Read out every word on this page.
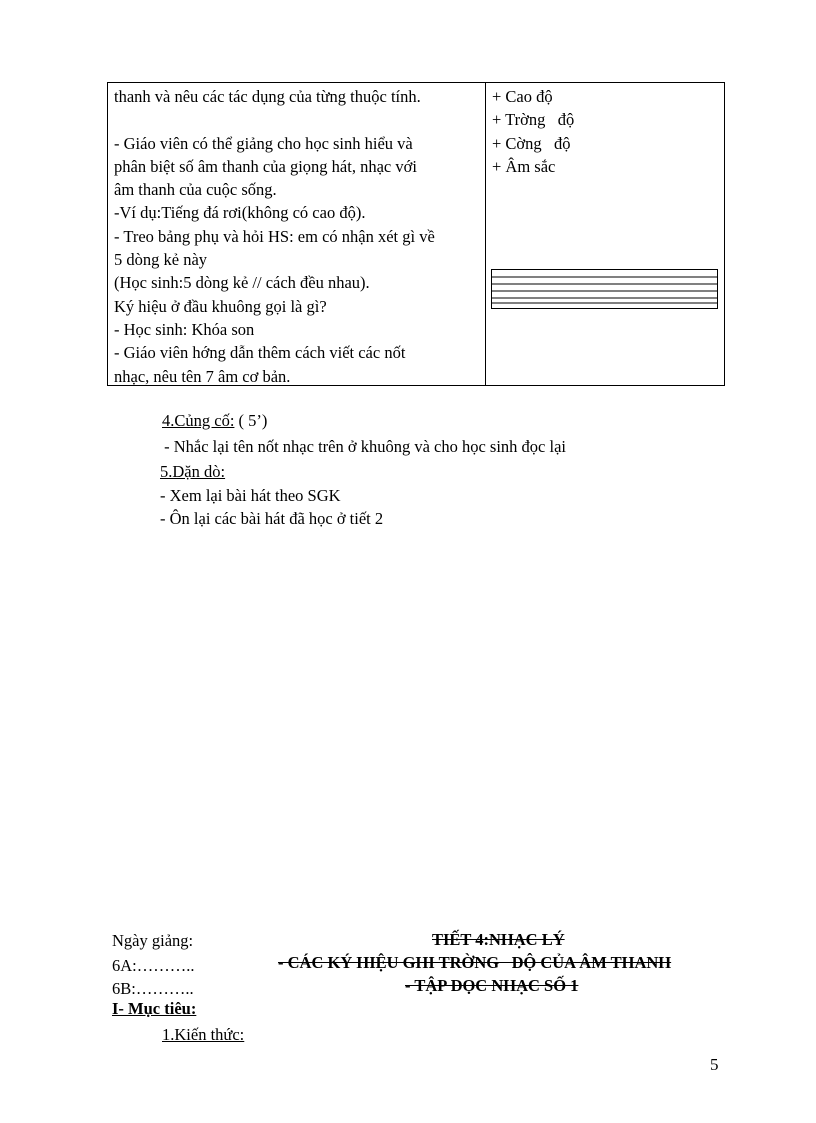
thanh và nêu các tác dụng của từng thuộc tính.

- Giáo viên có thể giảng cho học sinh hiểu và
phân biệt số âm thanh của giọng hát, nhạc với
âm thanh của cuộc sống.
-Ví dụ:Tiếng đá rơi(không có cao độ).
- Treo bảng phụ và hỏi HS: em có nhận xét gì về
5 dòng kẻ này
(Học sinh:5 dòng kẻ // cách đều nhau).
Ký hiệu ở đầu khuông gọi là gì?
- Học sinh: Khóa son
- Giáo viên hớng dẫn thêm cách viết các nốt
nhạc, nêu tên 7 âm cơ bản.
+ Cao độ
+ Trờng   độ
+ Cờng   độ
+ Âm sắc
4.Củng cố: ( 5’)
- Nhắc lại tên nốt nhạc trên ở khuông và cho học sinh đọc lại
5.Dặn dò:
- Xem lại bài hát theo SGK
- Ôn lại các bài hát đã học ở tiết 2
Ngày giảng:
6A:………..
6B:………..
I- Mục tiêu:
1.Kiến thức:
TIẾT 4:NHẠC LÝ
- CÁC KÝ HIỆU GHI TRỜNG   ĐỘ CỦA ÂM THANH
- TẬP ĐỌC NHẠC SỐ 1
5
